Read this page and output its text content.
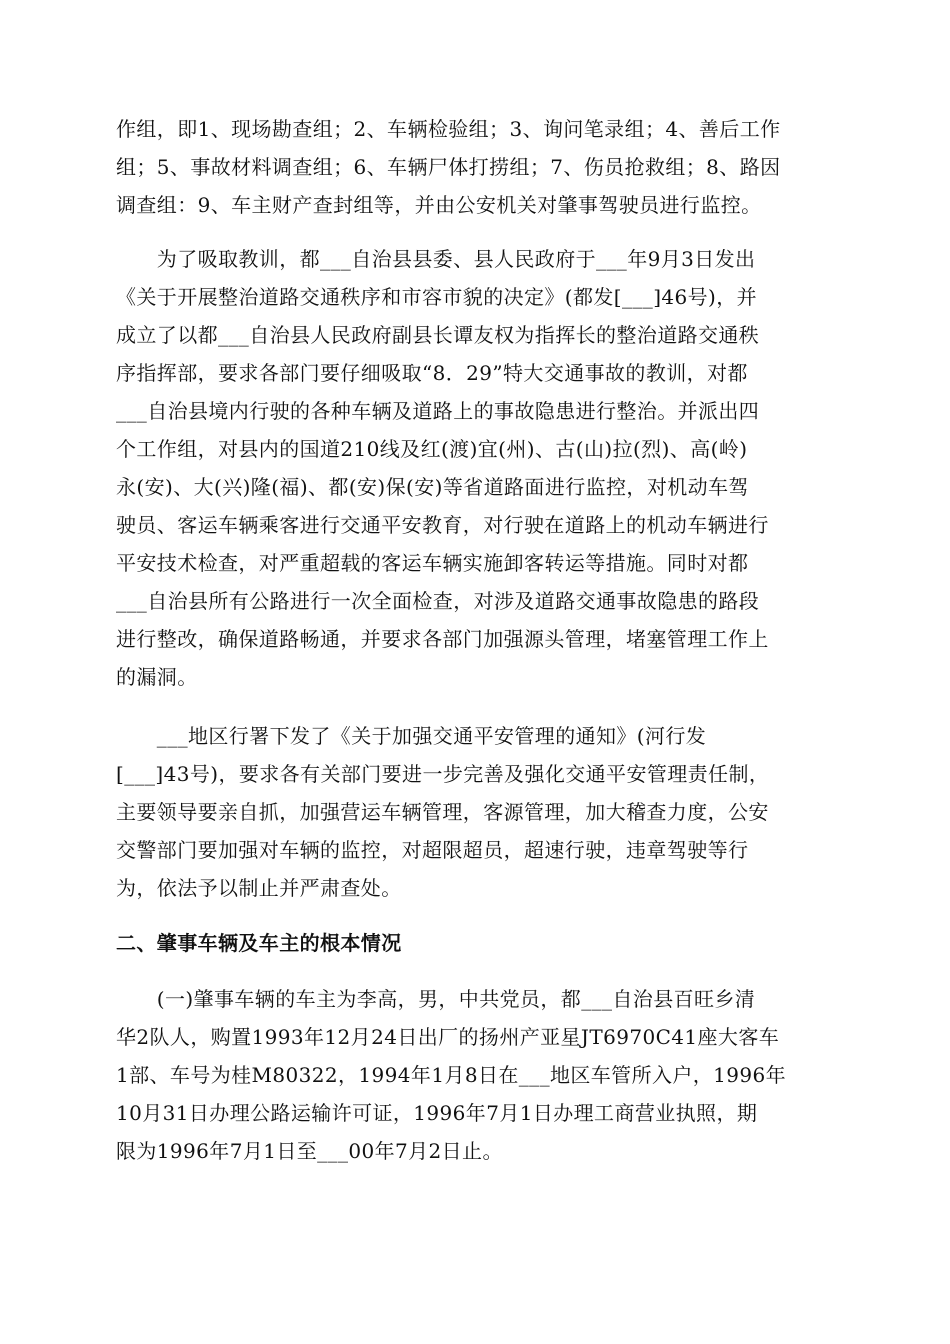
作组，即1、现场勘查组；2、车辆检验组；3、询问笔录组；4、善后工作
组；5、事故材料调查组；6、车辆尸体打捞组；7、伤员抢救组；8、路因
调查组：9、车主财产查封组等，并由公安机关对肇事驾驶员进行监控。
　　为了吸取教训，都___自治县县委、县人民政府于___年9月3日发出
《关于开展整治道路交通秩序和市容市貌的决定》(都发[___]46号)，并
成立了以都___自治县人民政府副县长谭友权为指挥长的整治道路交通秩
序指挥部，要求各部门要仔细吸取“8．29”特大交通事故的教训，对都
___自治县境内行驶的各种车辆及道路上的事故隐患进行整治。并派出四
个工作组，对县内的国道210线及红(渡)宜(州)、古(山)拉(烈)、高(岭)
永(安)、大(兴)隆(福)、都(安)保(安)等省道路面进行监控，对机动车驾
驶员、客运车辆乘客进行交通平安教育，对行驶在道路上的机动车辆进行
平安技术检查，对严重超载的客运车辆实施卸客转运等措施。同时对都
___自治县所有公路进行一次全面检查，对涉及道路交通事故隐患的路段
进行整改，确保道路畅通，并要求各部门加强源头管理，堵塞管理工作上
的漏洞。
　　___地区行署下发了《关于加强交通平安管理的通知》(河行发
[___]43号)，要求各有关部门要进一步完善及强化交通平安管理责任制，
主要领导要亲自抓，加强营运车辆管理，客源管理，加大稽查力度，公安
交警部门要加强对车辆的监控，对超限超员，超速行驶，违章驾驶等行
为，依法予以制止并严肃查处。
二、肇事车辆及车主的根本情况
　　(一)肇事车辆的车主为李高，男，中共党员，都___自治县百旺乡清
华2队人，购置1993年12月24日出厂的扬州产亚星JT6970C41座大客车
1部、车号为桂M80322，1994年1月8日在___地区车管所入户，1996年
10月31日办理公路运输许可证，1996年7月1日办理工商营业执照，期
限为1996年7月1日至___00年7月2日止。
